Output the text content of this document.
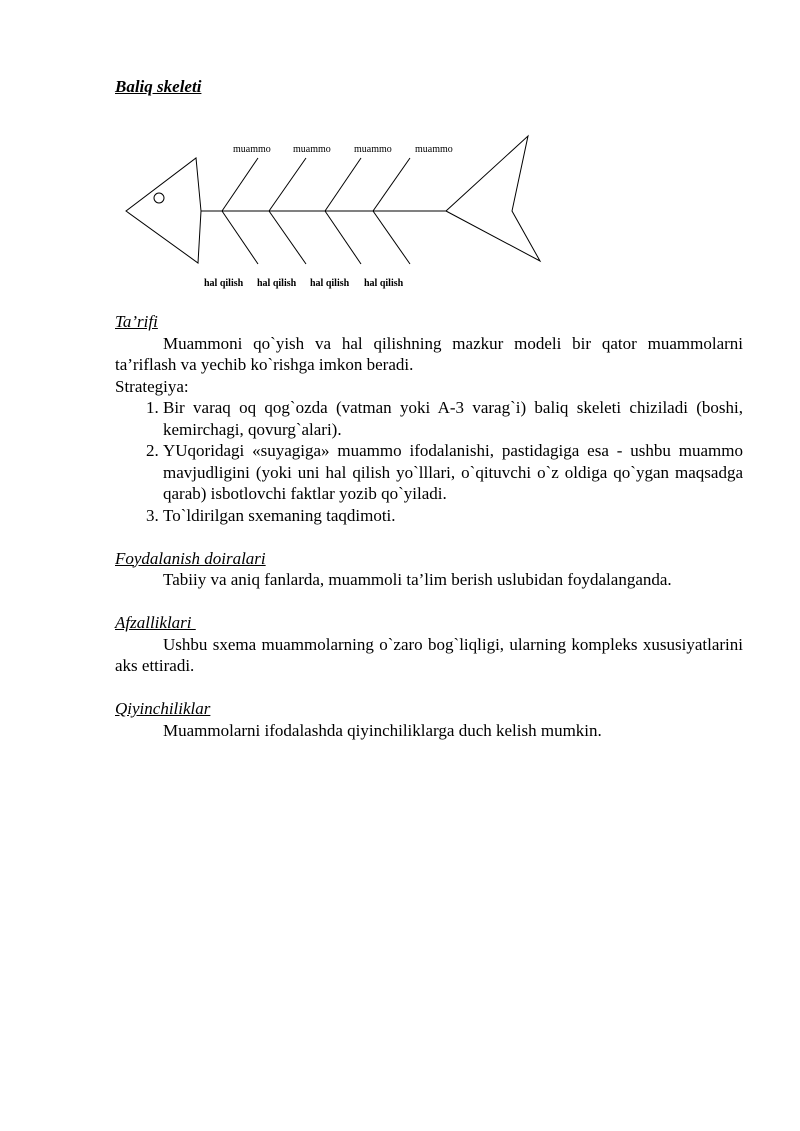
Baliq skeleti
muammo muammo muammo muammo
hal qilish hal qilish hal qilish hal qilish
Ta’rifi

Muammoni qo`yish va hal qilishning mazkur modeli bir qator muammolarni ta’riflash va yechib ko`rishga imkon beradi.

Strategiya:

1. Bir varaq oq qog`ozda (vatman yoki A-3 varag`i) baliq skeleti chiziladi (boshi, kemirchagi, qovurg`alari).
2. YUqoridagi «suyagiga» muammo ifodalanishi, pastidagiga esa - ushbu muammo mavjudligini (yoki uni hal qilish yo`lllari, o`qituvchi o`z oldiga qo`ygan maqsadga qarab) isbotlovchi faktlar yozib qo`yiladi.
3. To`ldirilgan sxemaning taqdimoti.
Foydalanish doiralari

Tabiiy va aniq fanlarda, muammoli ta’lim berish uslubidan foydalanganda.

Afzalliklari

Ushbu sxema muammolarning o`zaro bog`liqligi, ularning kompleks xususiyatlarini aks ettiradi.

Qiyinchiliklar

Muammolarni ifodalashda qiyinchiliklarga duch kelish mumkin.
